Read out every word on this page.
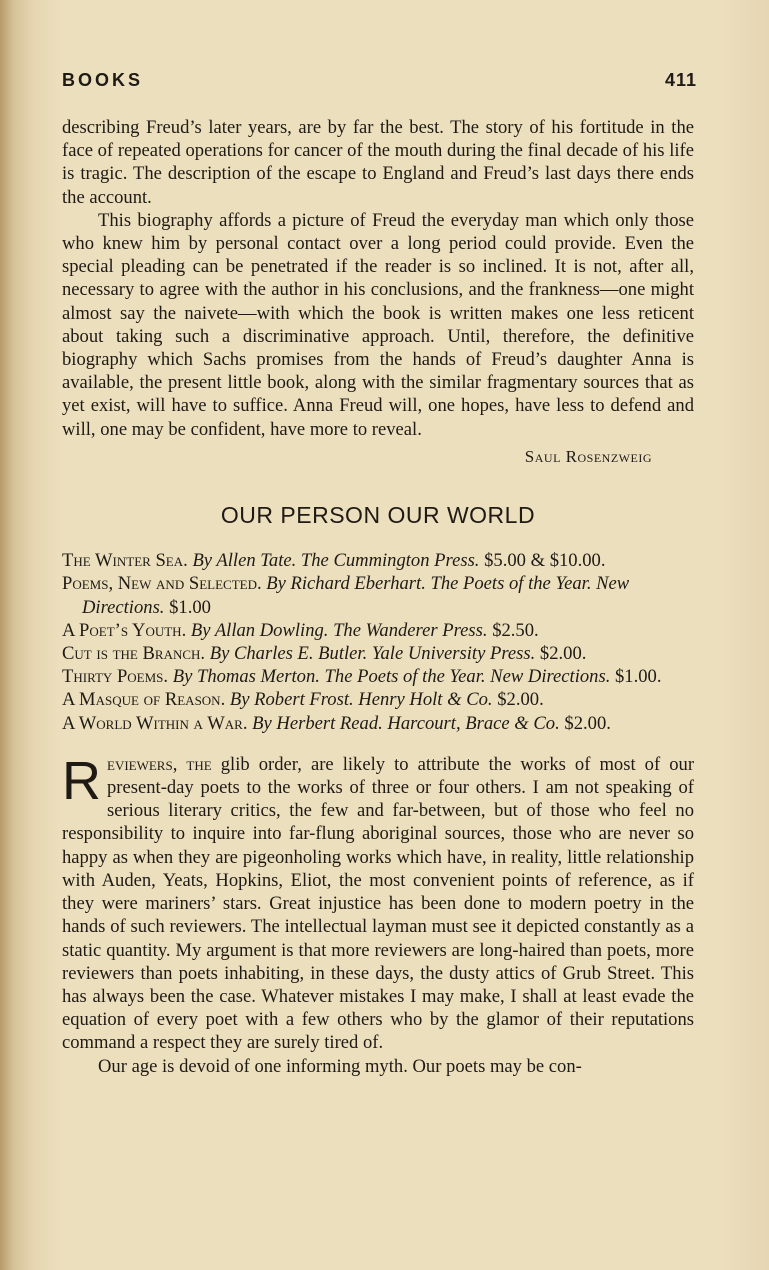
BOOKS	411

describing Freud’s later years, are by far the best. The story of his fortitude in the face of repeated operations for cancer of the mouth during the final decade of his life is tragic. The description of the escape to England and Freud’s last days there ends the account.

This biography affords a picture of Freud the everyday man which only those who knew him by personal contact over a long period could provide. Even the special pleading can be penetrated if the reader is so inclined. It is not, after all, necessary to agree with the author in his conclusions, and the frankness—one might almost say the naivete—with which the book is written makes one less reticent about taking such a discriminative approach. Until, therefore, the definitive biography which Sachs promises from the hands of Freud’s daughter Anna is available, the present little book, along with the similar fragmentary sources that as yet exist, will have to suffice. Anna Freud will, one hopes, have less to defend and will, one may be confident, have more to reveal.

Saul Rosenzweig
OUR PERSON OUR WORLD
The Winter Sea. By Allen Tate. The Cummington Press. $5.00 & $10.00.
Poems, New and Selected. By Richard Eberhart. The Poets of the Year. New Directions. $1.00
A Poet’s Youth. By Allan Dowling. The Wanderer Press. $2.50.
Cut is the Branch. By Charles E. Butler. Yale University Press. $2.00.
Thirty Poems. By Thomas Merton. The Poets of the Year. New Directions. $1.00.
A Masque of Reason. By Robert Frost. Henry Holt & Co. $2.00.
A World Within a War. By Herbert Read. Harcourt, Brace & Co. $2.00.

Reviewers, the glib order, are likely to attribute the works of most of our present-day poets to the works of three or four others. I am not speaking of serious literary critics, the few and far-between, but of those who feel no responsibility to inquire into far-flung aboriginal sources, those who are never so happy as when they are pigeonholing works which have, in reality, little relationship with Auden, Yeats, Hopkins, Eliot, the most convenient points of reference, as if they were mariners’ stars. Great injustice has been done to modern poetry in the hands of such reviewers. The intellectual layman must see it depicted constantly as a static quantity. My argument is that more reviewers are long-haired than poets, more reviewers than poets inhabiting, in these days, the dusty attics of Grub Street. This has always been the case. Whatever mistakes I may make, I shall at least evade the equation of every poet with a few others who by the glamor of their reputations command a respect they are surely tired of.

Our age is devoid of one informing myth. Our poets may be con-
